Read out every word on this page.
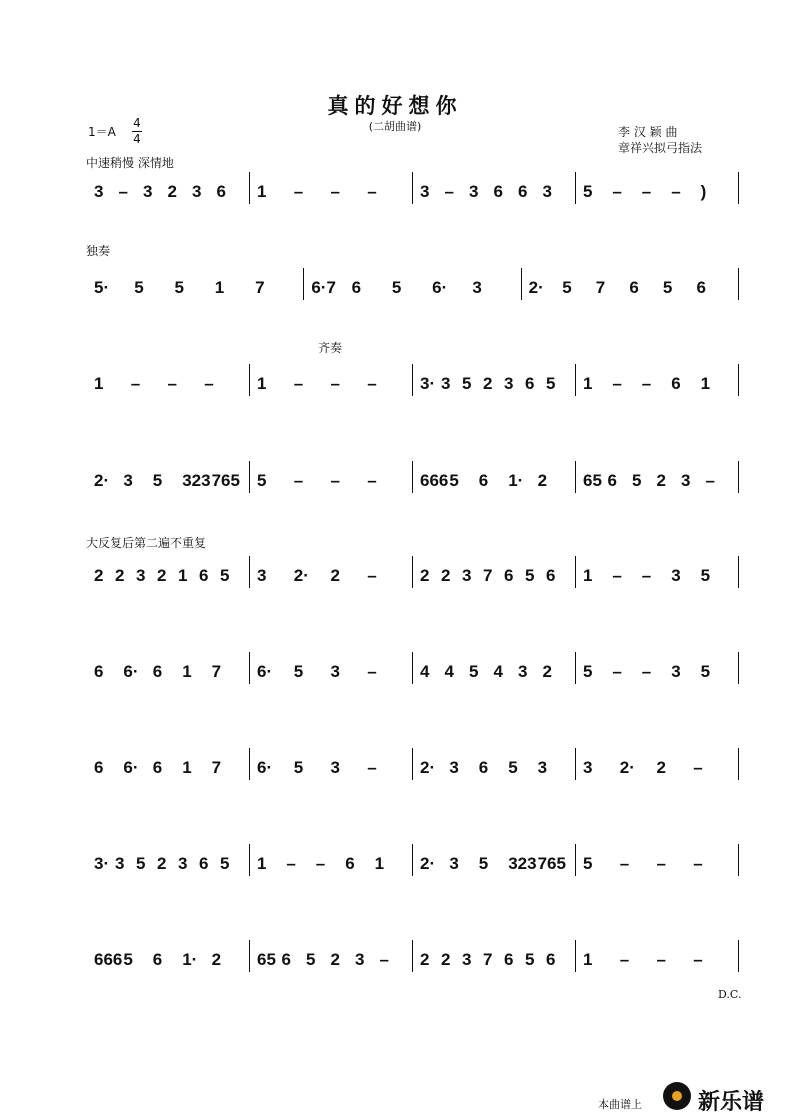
真的好想你
(二胡曲谱)
1＝A
4
4	李 汉 颖 曲
章祥兴拟弓指法
中速稍慢 深情地
独奏
齐奏
大反复后第二遍不重复
D.C.
3 – 3 2 3 6	1	–	–	–	3 – 3 6 6 3	5	–	–	–	)
5·	5	5	1	7	6·7 6	5	6·	3	2·	5	7	6	5	6
1	–	–	–	1	–	–	–	3· 3 5 2 3 6 5	1	–	–	6	1
2· 3	5	323 765 5	–	–	–	666 5	6	1· 2	65 6 5 2 3 –
2 2 3 2 1 6 5	3	2·	2	–	2 2 3 7 6 5 6	1	–	–	3	5
6	6· 6	1	7	6·	5	3	–	4 4 5 4 3 2	5	–	–	3	5
6	6· 6	1	7	6·	5	3	–	2· 3	6	5	3	3	2·	2	–
3· 3 5 2 3 6 5	1	–	–	6	1	2· 3	5	323 765 5	–	–	–
666 5	6	1· 2	65 6 5 2 3 –	2 2 3 7 6 5 6	1	–	–	–
本曲谱上	新乐谱
